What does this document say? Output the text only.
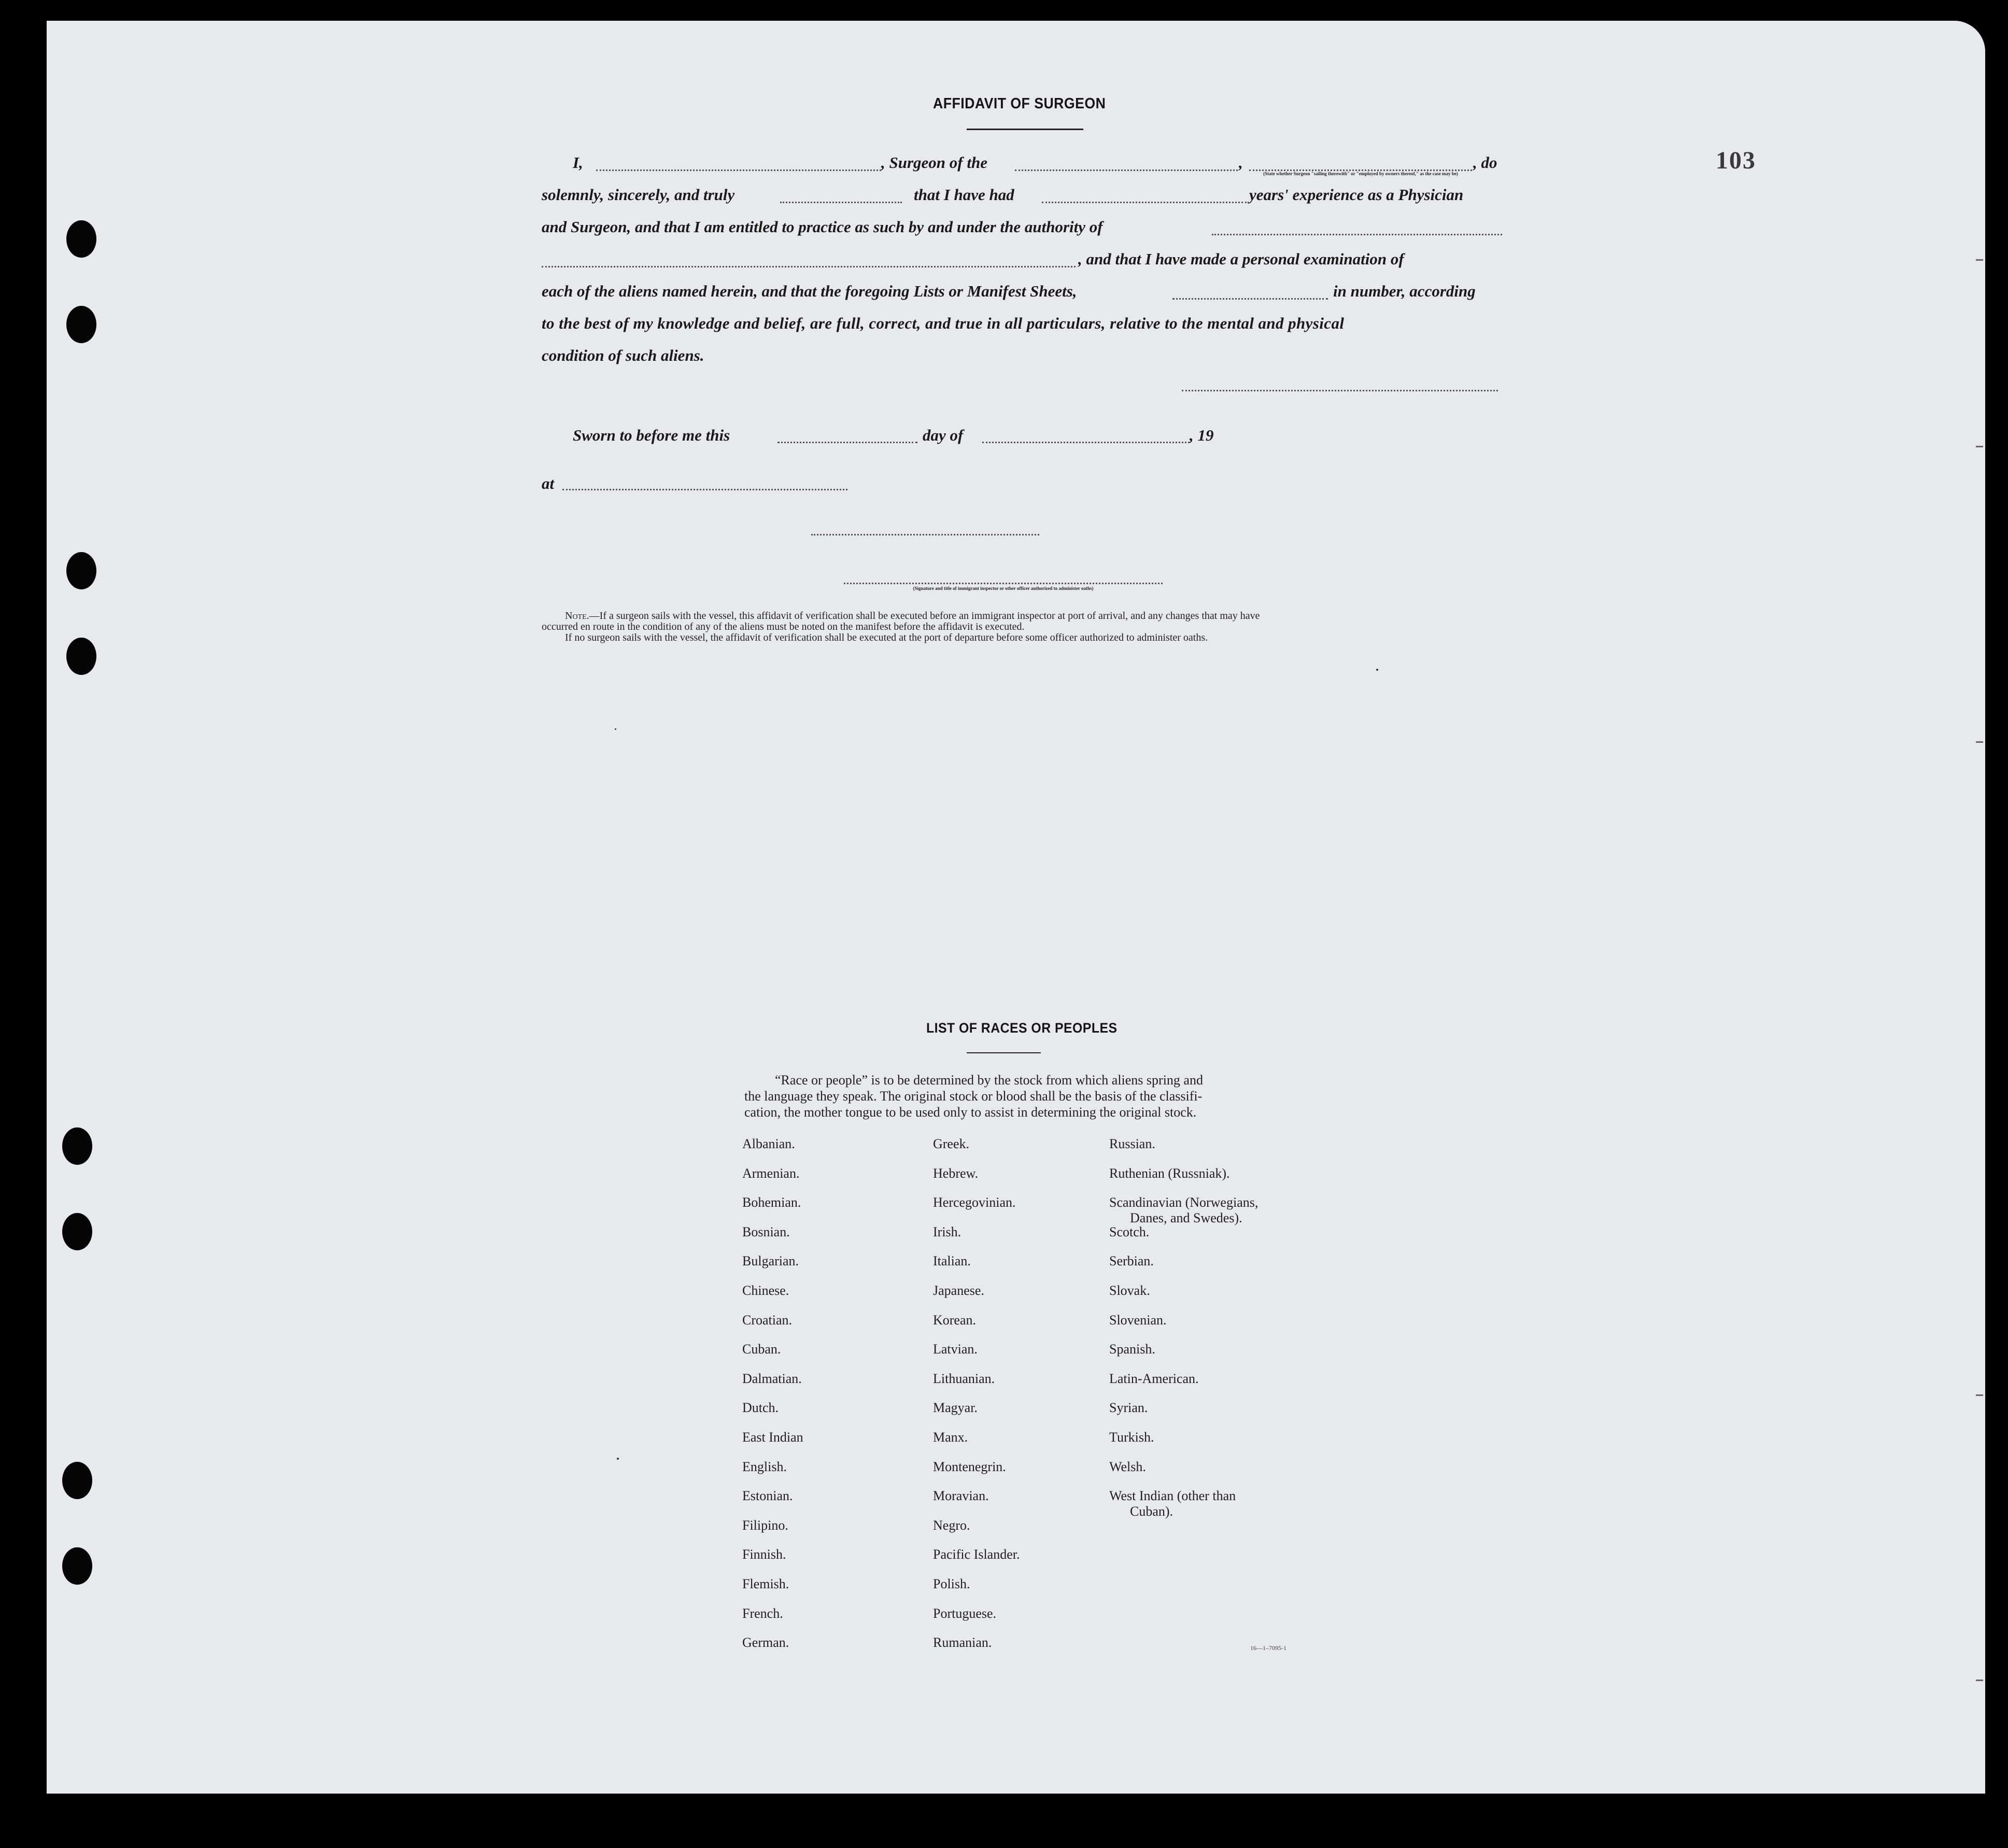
103
AFFIDAVIT OF SURGEON
I,	, Surgeon of the	,
(State whether Surgeon "sailing therewith" or "employed by owners thereof," as the case may be)
, do
solemnly, sincerely, and truly	that I have had	years' experience as a Physician
and Surgeon, and that I am entitled to practice as such by and under the authority of
, and that I have made a personal examination of
each of the aliens named herein, and that the foregoing Lists or Manifest Sheets,	in number, according
to the best of my knowledge and belief, are full, correct, and true in all particulars, relative to the mental and physical
condition of such aliens.
Sworn to before me this	day of	, 19
at
(Signature and title of immigrant inspector or other officer authorized to administer oaths)
Note.—If a surgeon sails with the vessel, this affidavit of verification shall be executed before an immigrant inspector at port of arrival, and any changes that may have
occurred en route in the condition of any of the aliens must be noted on the manifest before the affidavit is executed.
If no surgeon sails with the vessel, the affidavit of verification shall be executed at the port of departure before some officer authorized to administer oaths.
LIST OF RACES OR PEOPLES
“Race or people” is to be determined by the stock from which aliens spring and
the language they speak. The original stock or blood shall be the basis of the classifi-
cation, the mother tongue to be used only to assist in determining the original stock.
Albanian.
Armenian.
Bohemian.
Bosnian.
Bulgarian.
Chinese.
Croatian.
Cuban.
Dalmatian.
Dutch.
East Indian
English.
Estonian.
Filipino.
Finnish.
Flemish.
French.
German.
Greek.
Hebrew.
Hercegovinian.
Irish.
Italian.
Japanese.
Korean.
Latvian.
Lithuanian.
Magyar.
Manx.
Montenegrin.
Moravian.
Negro.
Pacific Islander.
Polish.
Portuguese.
Rumanian.
Russian.
Ruthenian (Russniak).
Scandinavian (Norwegians,
Danes, and Swedes).
Scotch.
Serbian.
Slovak.
Slovenian.
Spanish.
Latin-American.
Syrian.
Turkish.
Welsh.
West Indian (other than
Cuban).
16—1–7095-1
